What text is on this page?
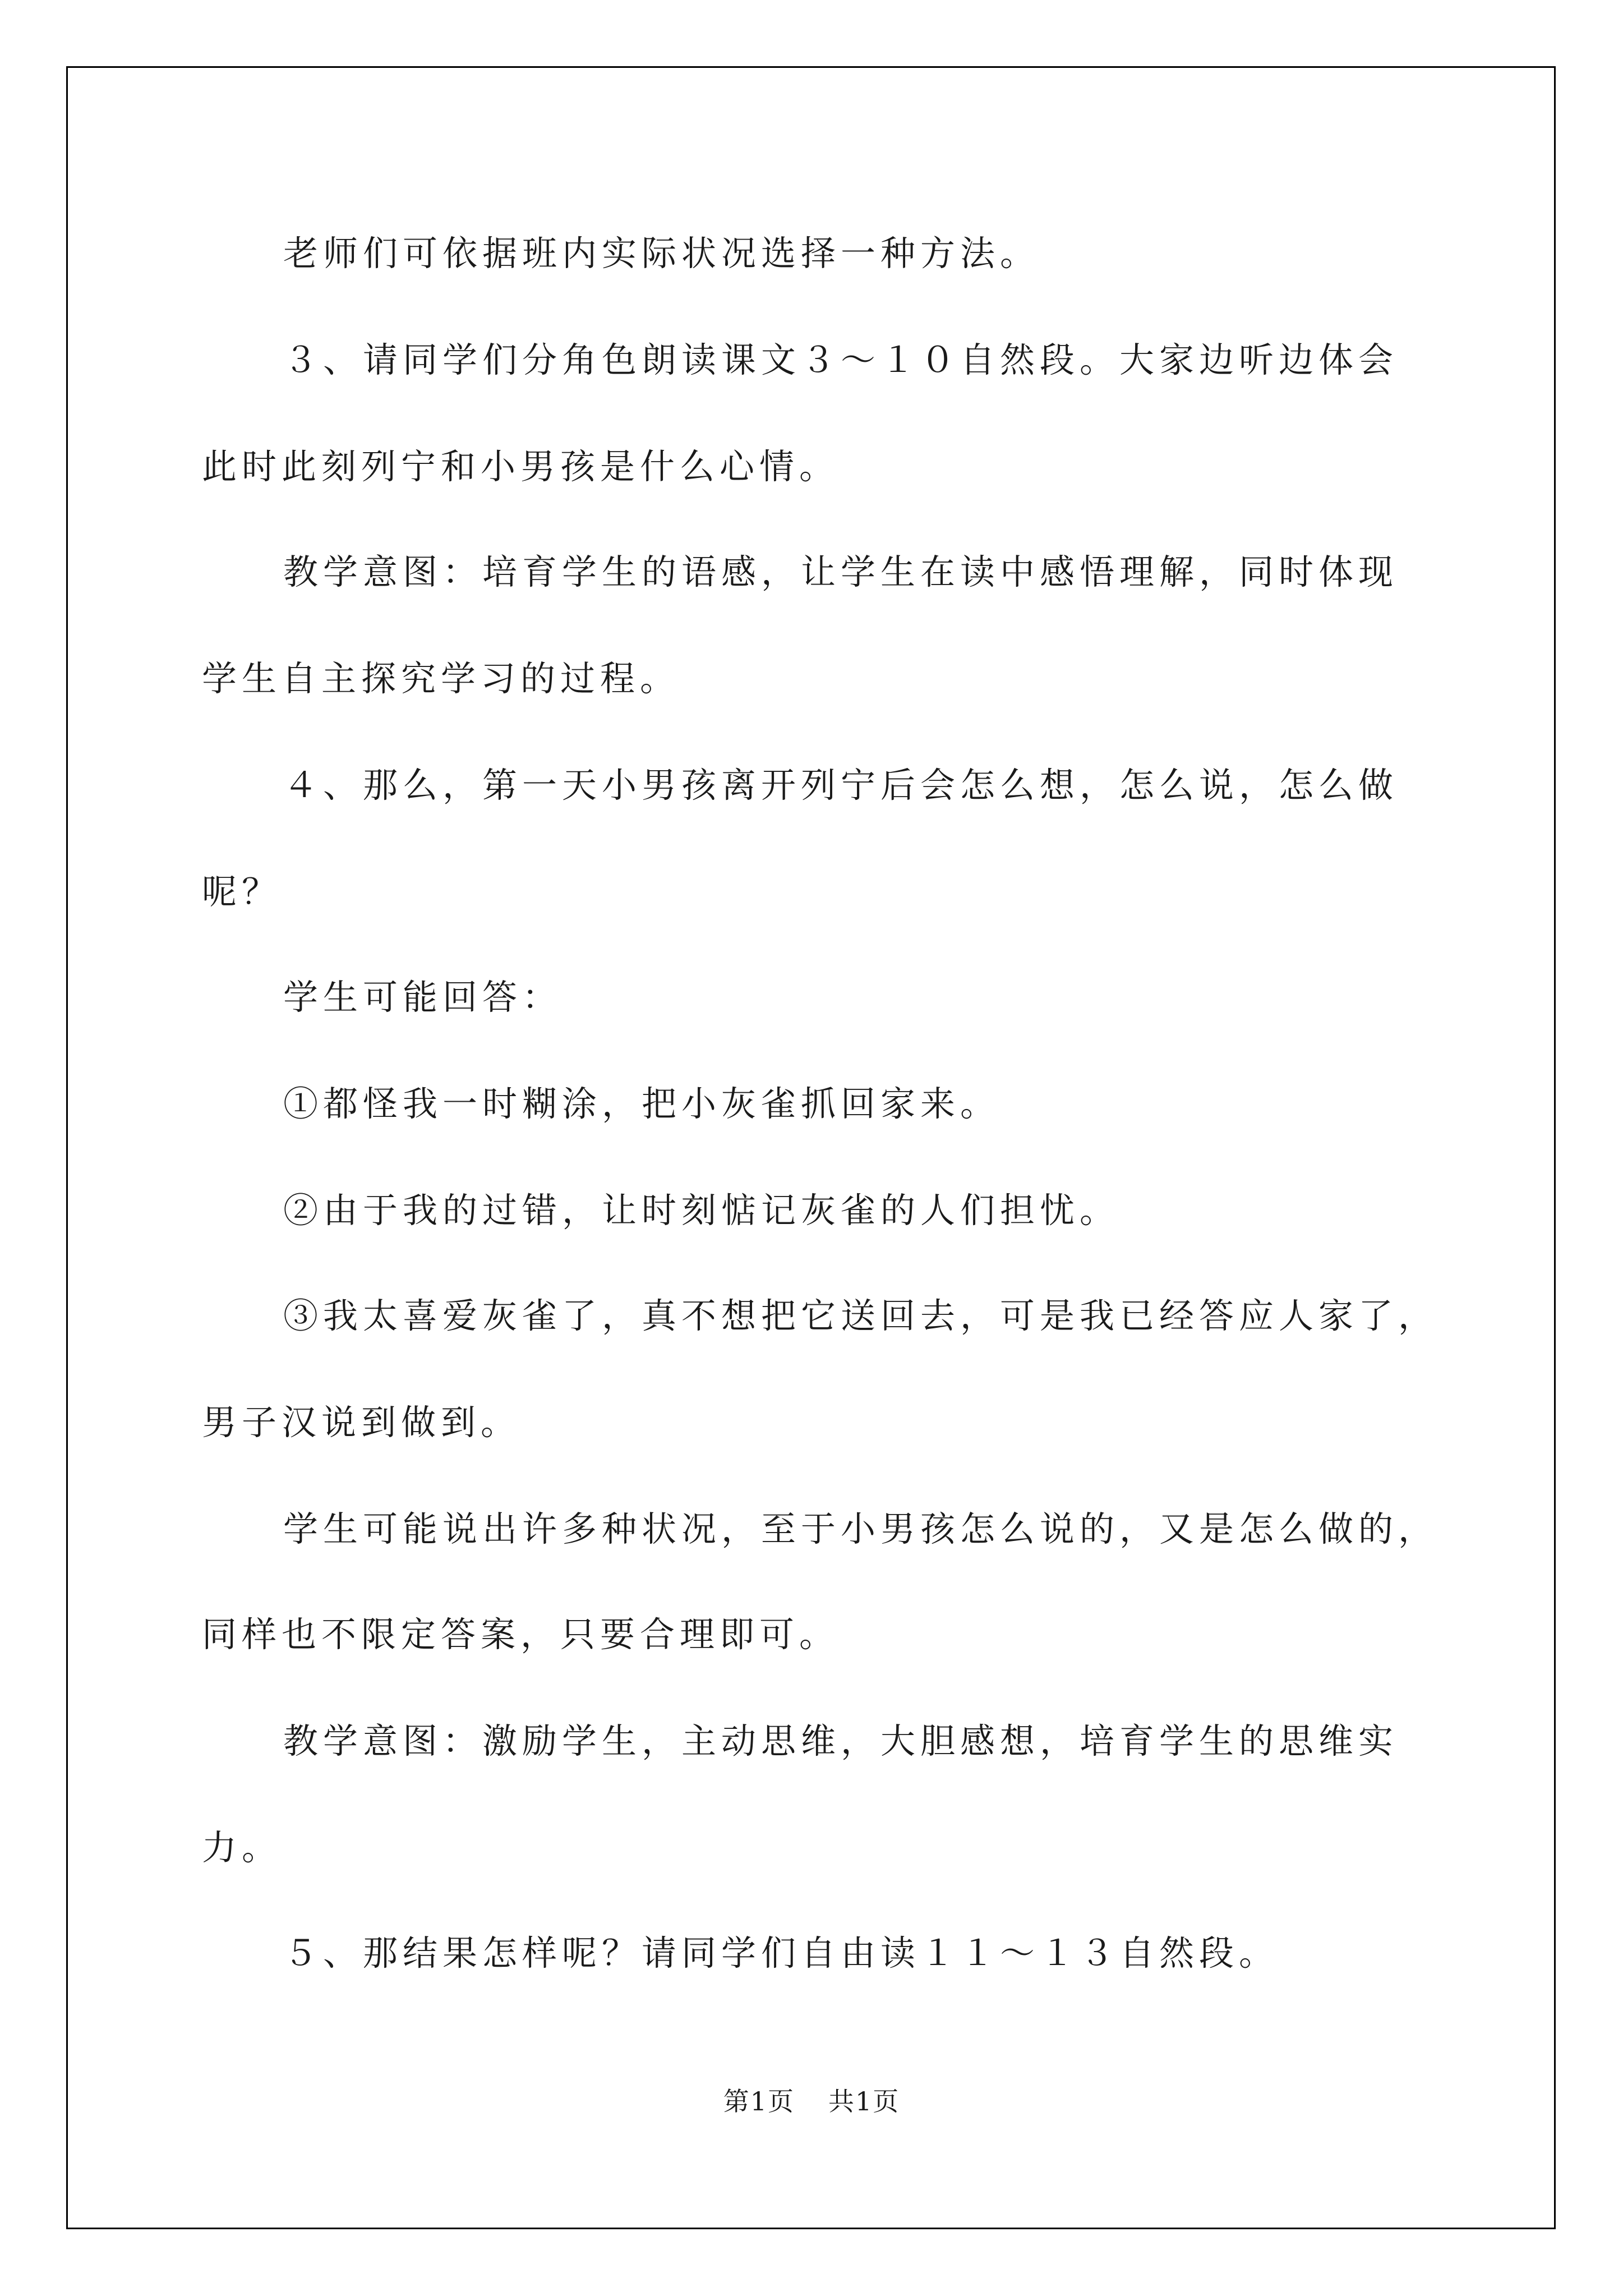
老师们可依据班内实际状况选择一种方法。
３、请同学们分角色朗读课文３～１０自然段。大家边听边体会
此时此刻列宁和小男孩是什么心情。
教学意图：培育学生的语感，让学生在读中感悟理解，同时体现
学生自主探究学习的过程。
４、那么，第一天小男孩离开列宁后会怎么想，怎么说，怎么做
呢？
学生可能回答：
①都怪我一时糊涂，把小灰雀抓回家来。
②由于我的过错，让时刻惦记灰雀的人们担忧。
③我太喜爱灰雀了，真不想把它送回去，可是我已经答应人家了，
男子汉说到做到。
学生可能说出许多种状况，至于小男孩怎么说的，又是怎么做的，
同样也不限定答案，只要合理即可。
教学意图：激励学生，主动思维，大胆感想，培育学生的思维实
力。
５、那结果怎样呢？请同学们自由读１１～１３自然段。
第1页 共1页
